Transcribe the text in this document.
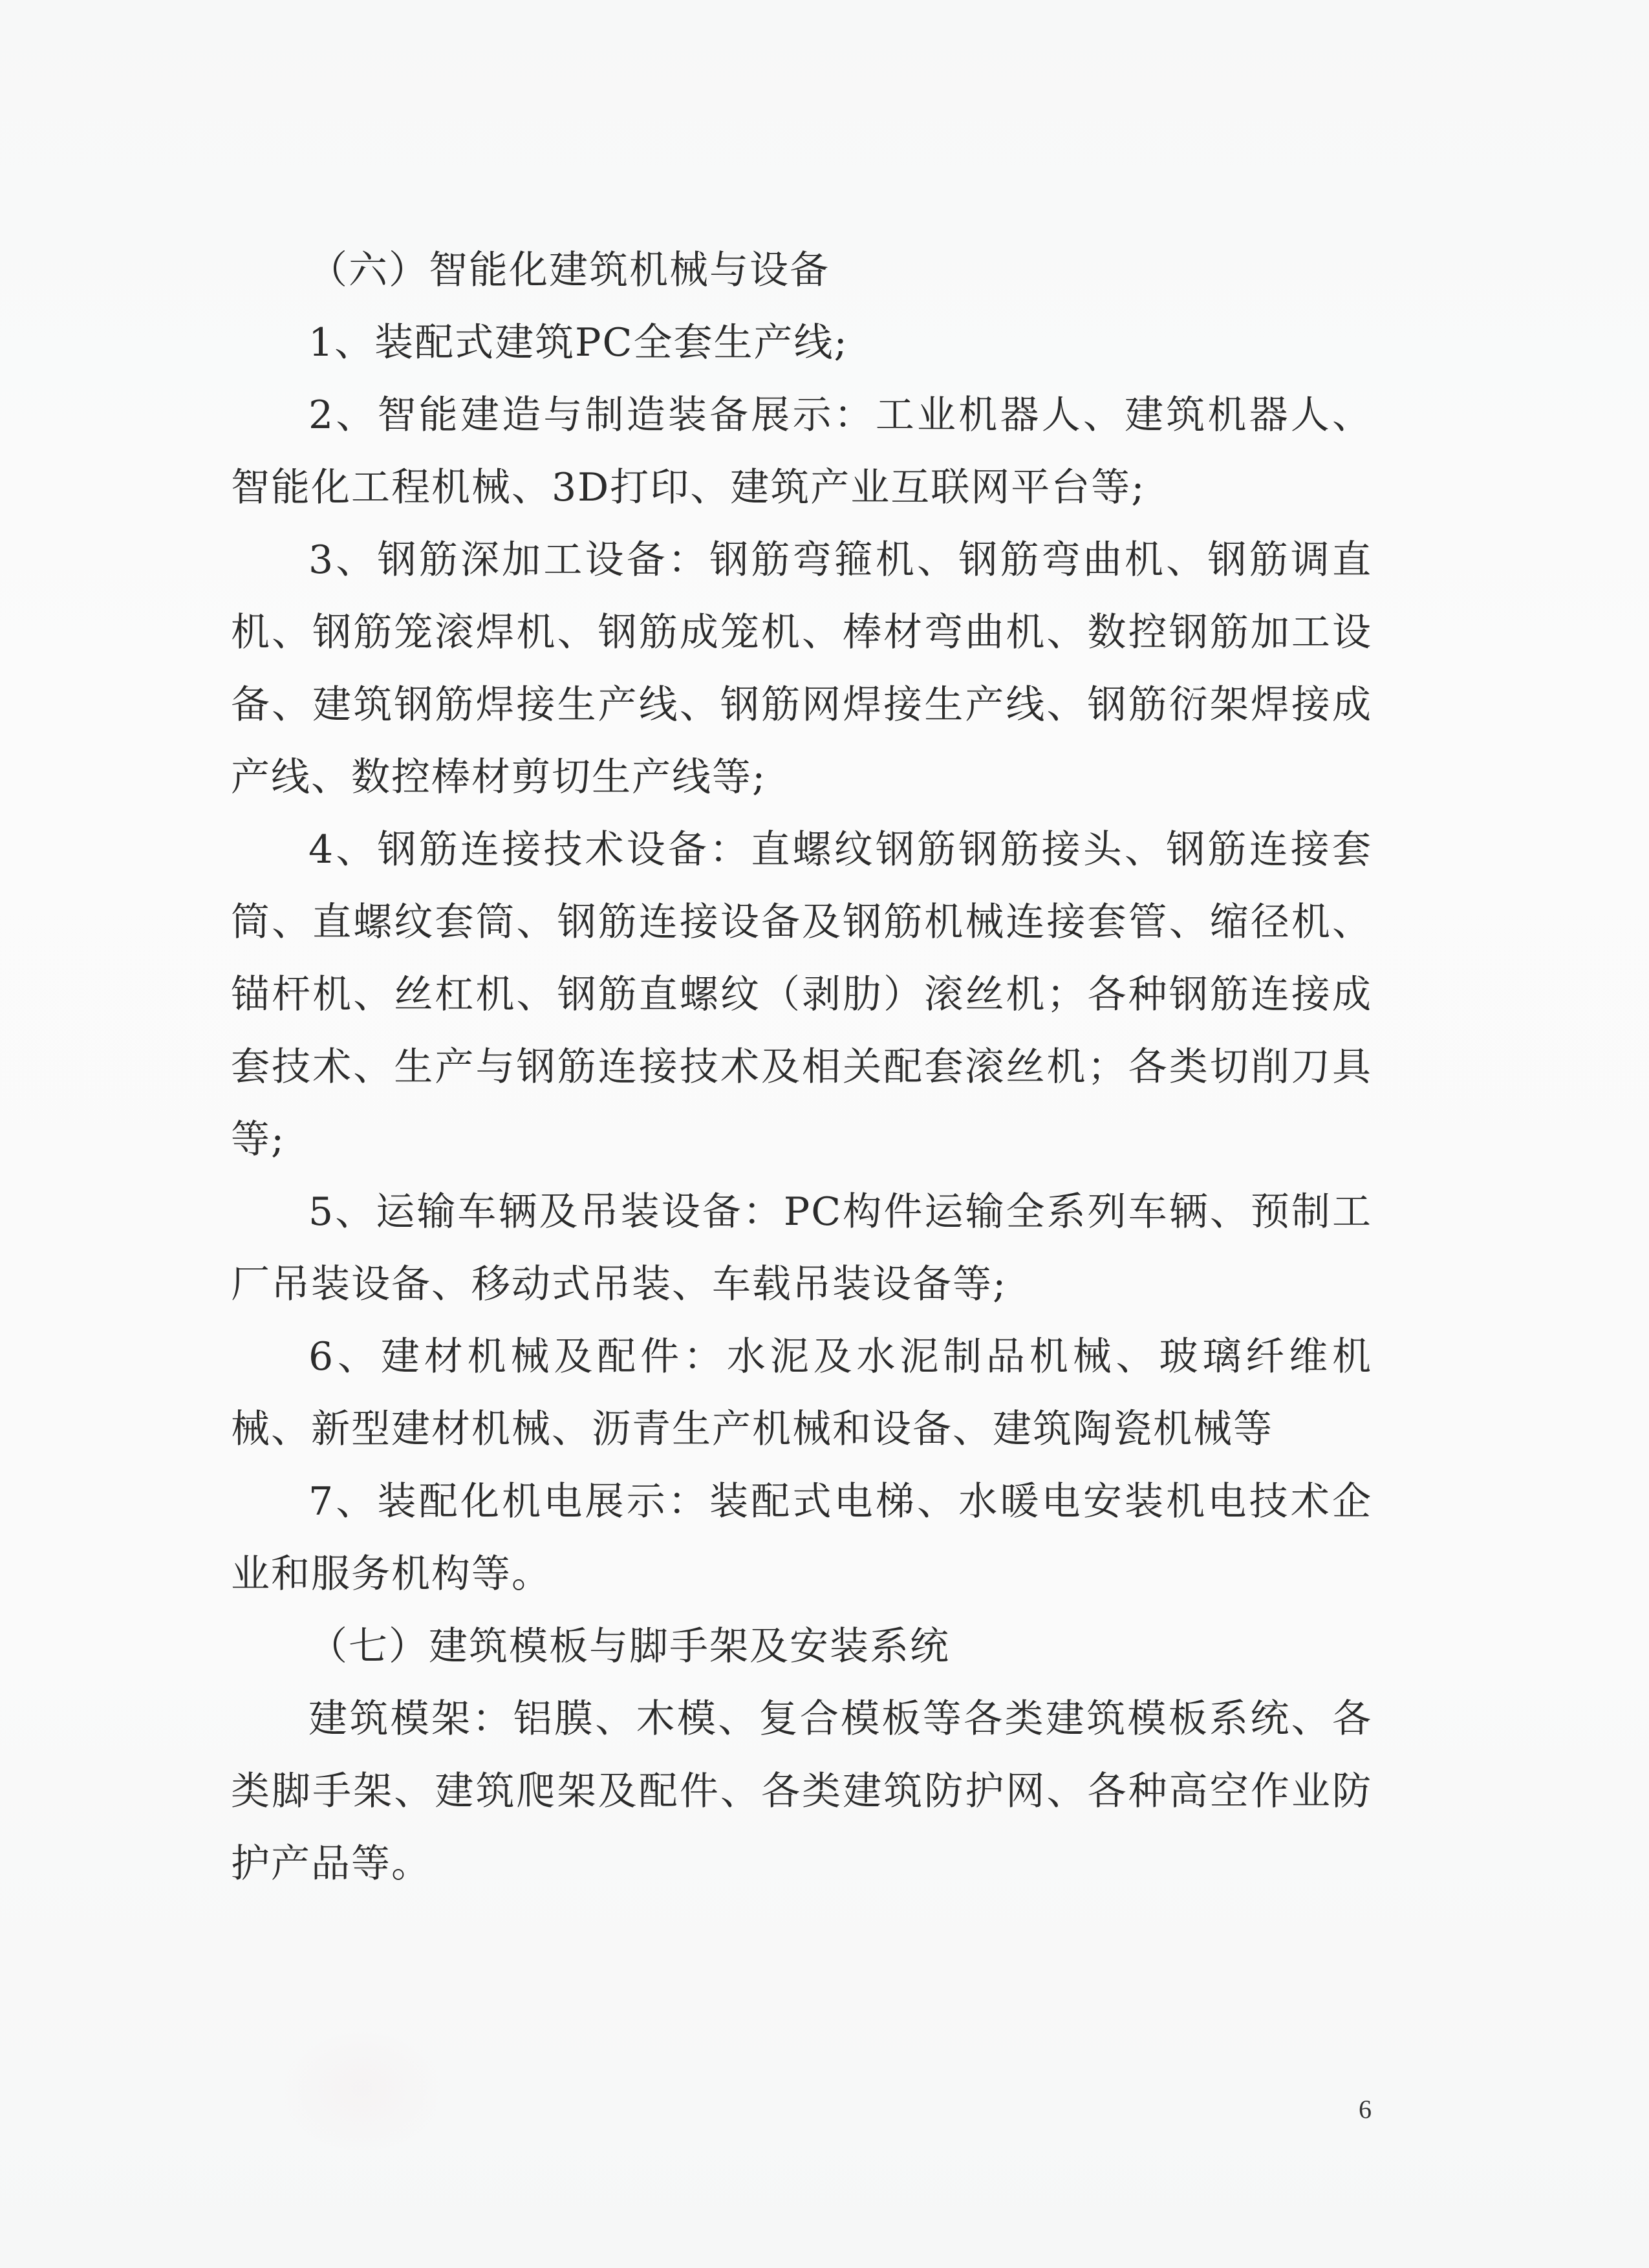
（六）智能化建筑机械与设备

1、装配式建筑PC全套生产线;

2、智能建造与制造装备展示：工业机器人、建筑机器人、智能化工程机械、3D打印、建筑产业互联网平台等;

3、钢筋深加工设备：钢筋弯箍机、钢筋弯曲机、钢筋调直机、钢筋笼滚焊机、钢筋成笼机、棒材弯曲机、数控钢筋加工设备、建筑钢筋焊接生产线、钢筋网焊接生产线、钢筋衍架焊接成产线、数控棒材剪切生产线等;

4、钢筋连接技术设备：直螺纹钢筋钢筋接头、钢筋连接套筒、直螺纹套筒、钢筋连接设备及钢筋机械连接套管、缩径机、锚杆机、丝杠机、钢筋直螺纹（剥肋）滚丝机；各种钢筋连接成套技术、生产与钢筋连接技术及相关配套滚丝机；各类切削刀具等;

5、运输车辆及吊装设备：PC构件运输全系列车辆、预制工厂吊装设备、移动式吊装、车载吊装设备等;

6、建材机械及配件：水泥及水泥制品机械、玻璃纤维机械、新型建材机械、沥青生产机械和设备、建筑陶瓷机械等

7、装配化机电展示：装配式电梯、水暖电安装机电技术企业和服务机构等。

（七）建筑模板与脚手架及安装系统

建筑模架：铝膜、木模、复合模板等各类建筑模板系统、各类脚手架、建筑爬架及配件、各类建筑防护网、各种高空作业防护产品等。

6
